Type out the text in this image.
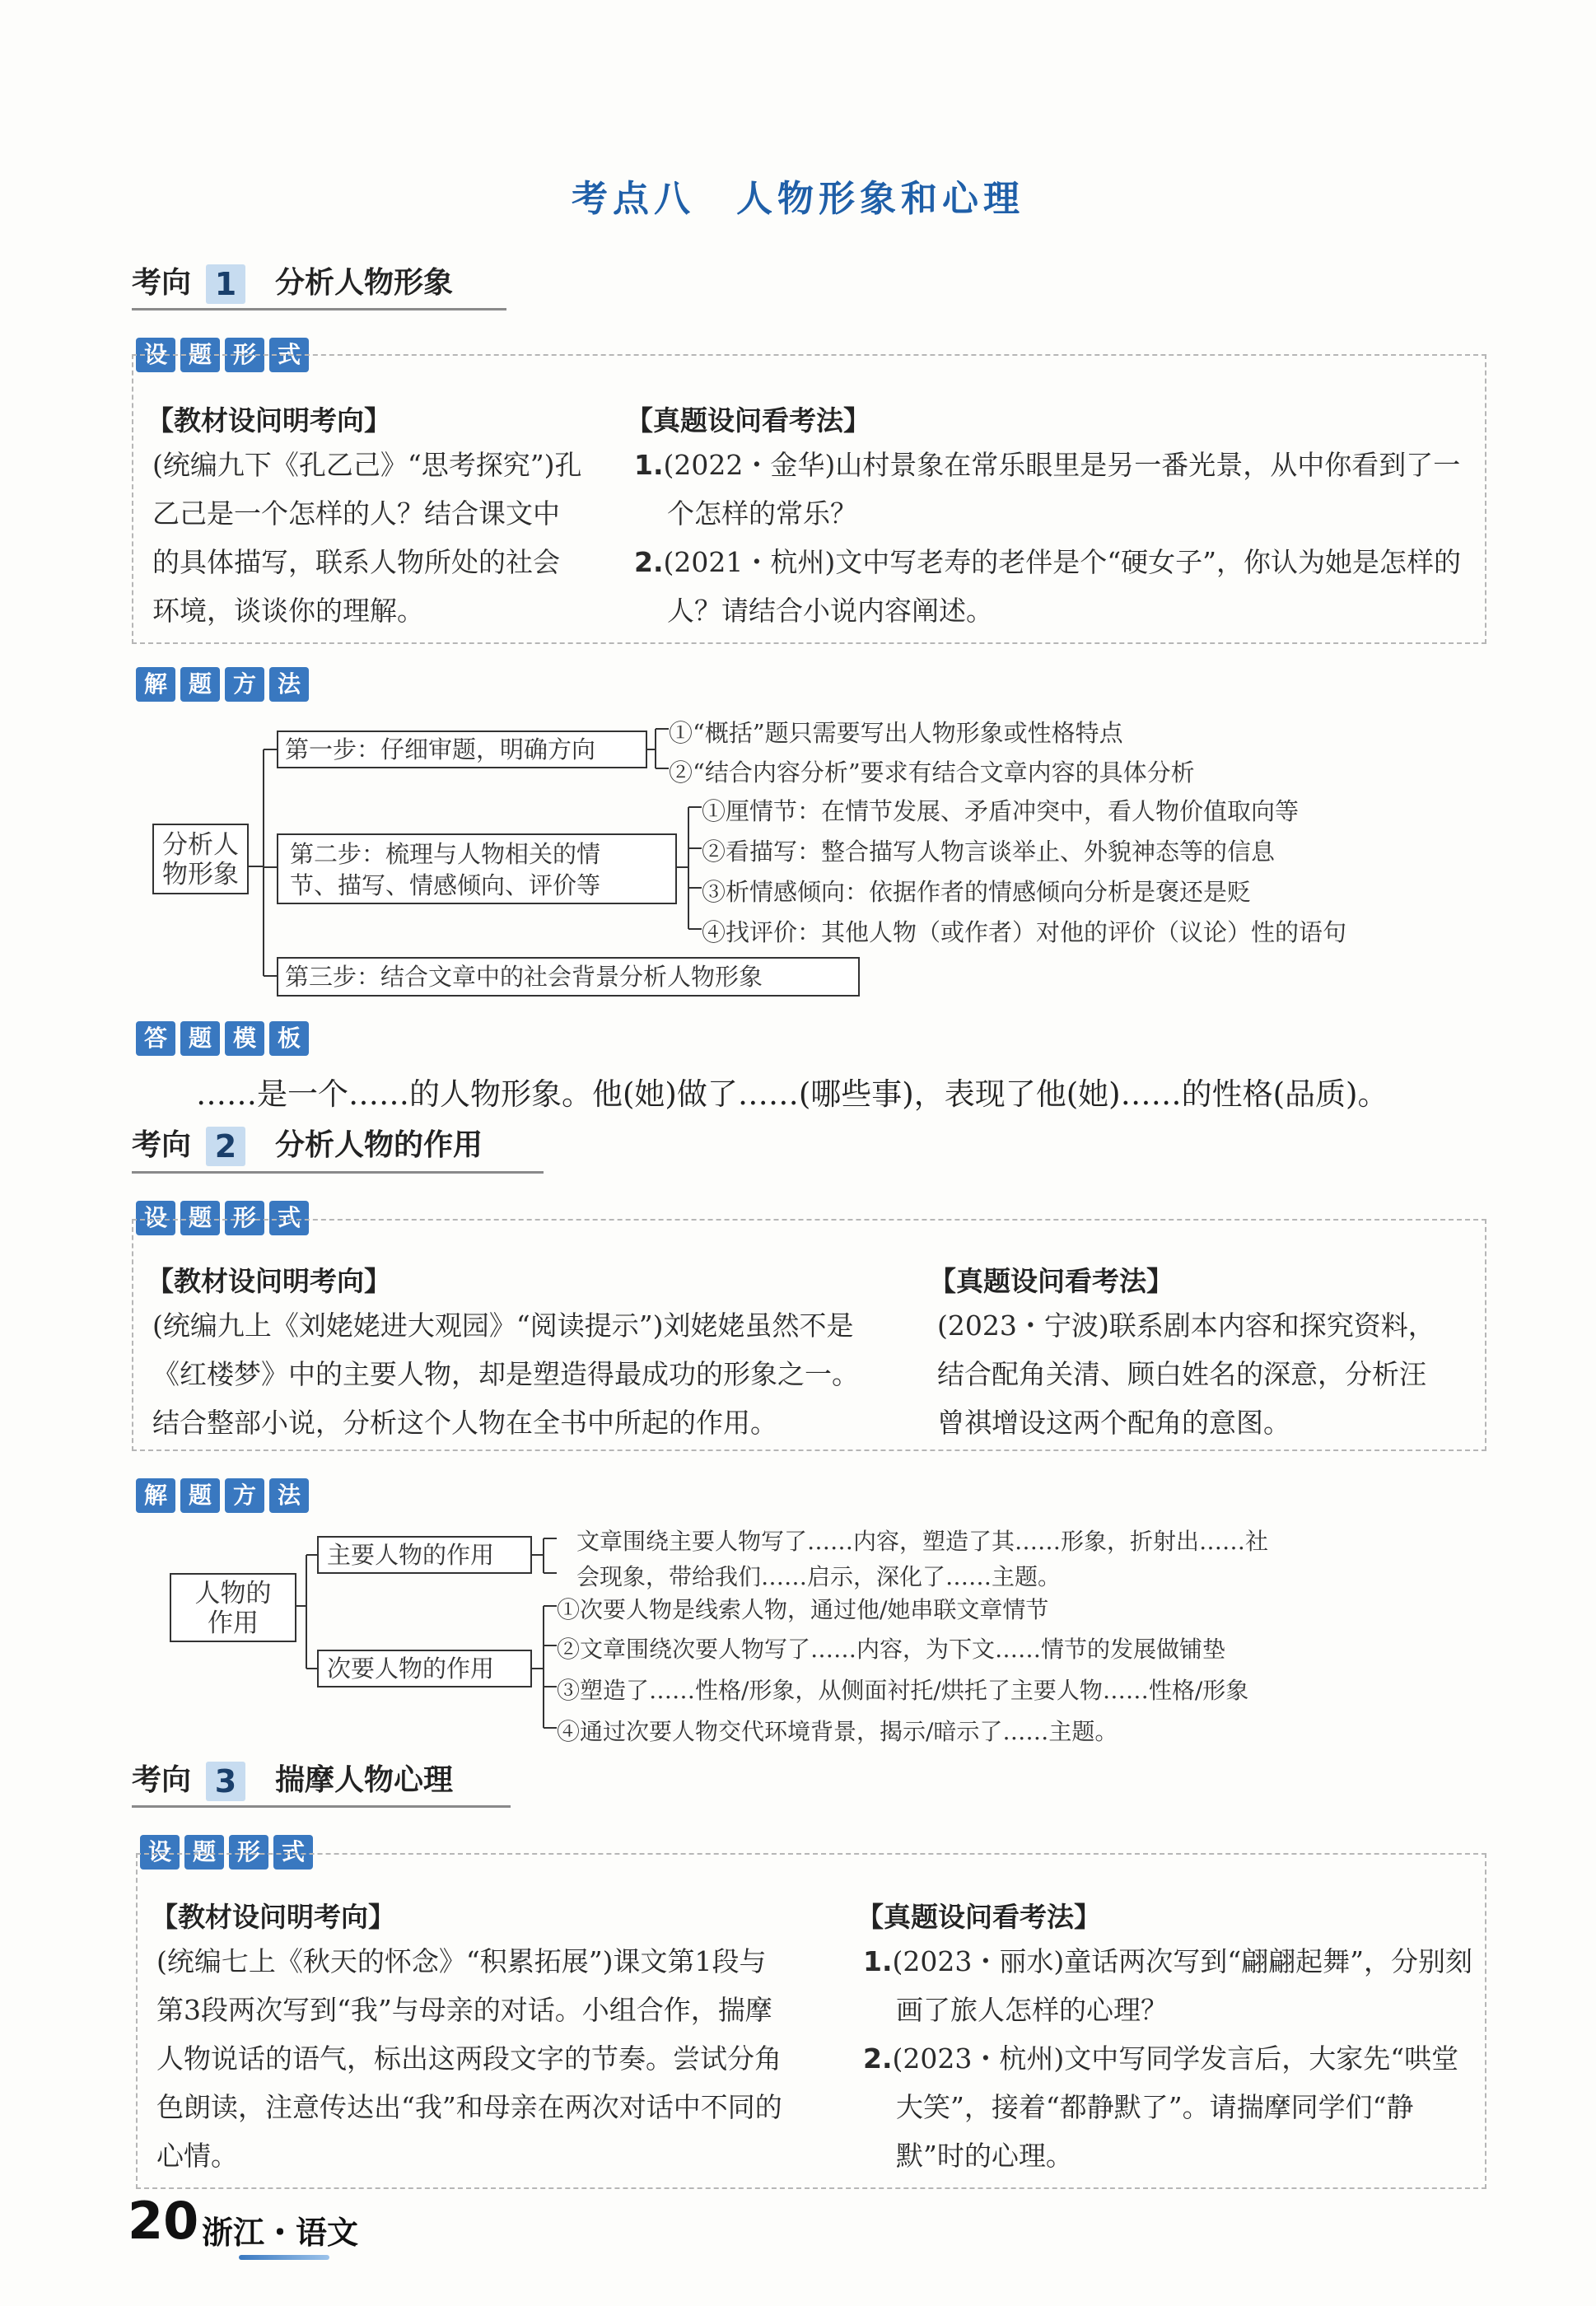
考点八　人物形象和心理
考向 1 分析人物形象
设 题 形 式
【教材设问明考向】

(统编九下《孔乙己》“思考探究”)孔

乙己是一个怎样的人？结合课文中

的具体描写，联系人物所处的社会

环境，谈谈你的理解。

【真题设问看考法】

1.(2022・金华)山村景象在常乐眼里是另一番光景，从中你看到了一个怎样的常乐？

2.(2021・杭州)文中写老寿的老伴是个“硬女子”，你认为她是怎样的人？请结合小说内容阐述。

解 题 方 法
分析人
物形象
第一步：仔细审题，明确方向
①“概括”题只需要写出人物形象或性格特点
②“结合内容分析”要求有结合文章内容的具体分析
第二步：梳理与人物相关的情
节、描写、情感倾向、评价等
①厘情节：在情节发展、矛盾冲突中，看人物价值取向等
②看描写：整合描写人物言谈举止、外貌神态等的信息
③析情感倾向：依据作者的情感倾向分析是褒还是贬
④找评价：其他人物（或作者）对他的评价（议论）性的语句
第三步：结合文章中的社会背景分析人物形象
答 题 模 板
……是一个……的人物形象。他(她)做了……(哪些事)，表现了他(她)……的性格(品质)。
考向 2 分析人物的作用
设 题 形 式
【教材设问明考向】

(统编九上《刘姥姥进大观园》“阅读提示”)刘姥姥虽然不是

《红楼梦》中的主要人物，却是塑造得最成功的形象之一。

结合整部小说，分析这个人物在全书中所起的作用。

【真题设问看考法】

(2023・宁波)联系剧本内容和探究资料，

结合配角关清、顾白姓名的深意，分析汪

曾祺增设这两个配角的意图。

解 题 方 法
人物的
作用
主要人物的作用	文章围绕主要人物写了……内容，塑造了其……形象，折射出……社
会现象，带给我们……启示，深化了……主题。
次要人物的作用
①次要人物是线索人物，通过他/她串联文章情节
②文章围绕次要人物写了……内容，为下文……情节的发展做铺垫
③塑造了……性格/形象，从侧面衬托/烘托了主要人物……性格/形象
④通过次要人物交代环境背景，揭示/暗示了……主题。
考向 3 揣摩人物心理
设 题 形 式
【教材设问明考向】

(统编七上《秋天的怀念》“积累拓展”)课文第1段与

第3段两次写到“我”与母亲的对话。小组合作，揣摩

人物说话的语气，标出这两段文字的节奏。尝试分角

色朗读，注意传达出“我”和母亲在两次对话中不同的

心情。

【真题设问看考法】

1.(2023・丽水)童话两次写到“翩翩起舞”，分别刻画了旅人怎样的心理？

2.(2023・杭州)文中写同学发言后，大家先“哄堂大笑”，接着“都静默了”。请揣摩同学们“静默”时的心理。

20 浙江・语文
